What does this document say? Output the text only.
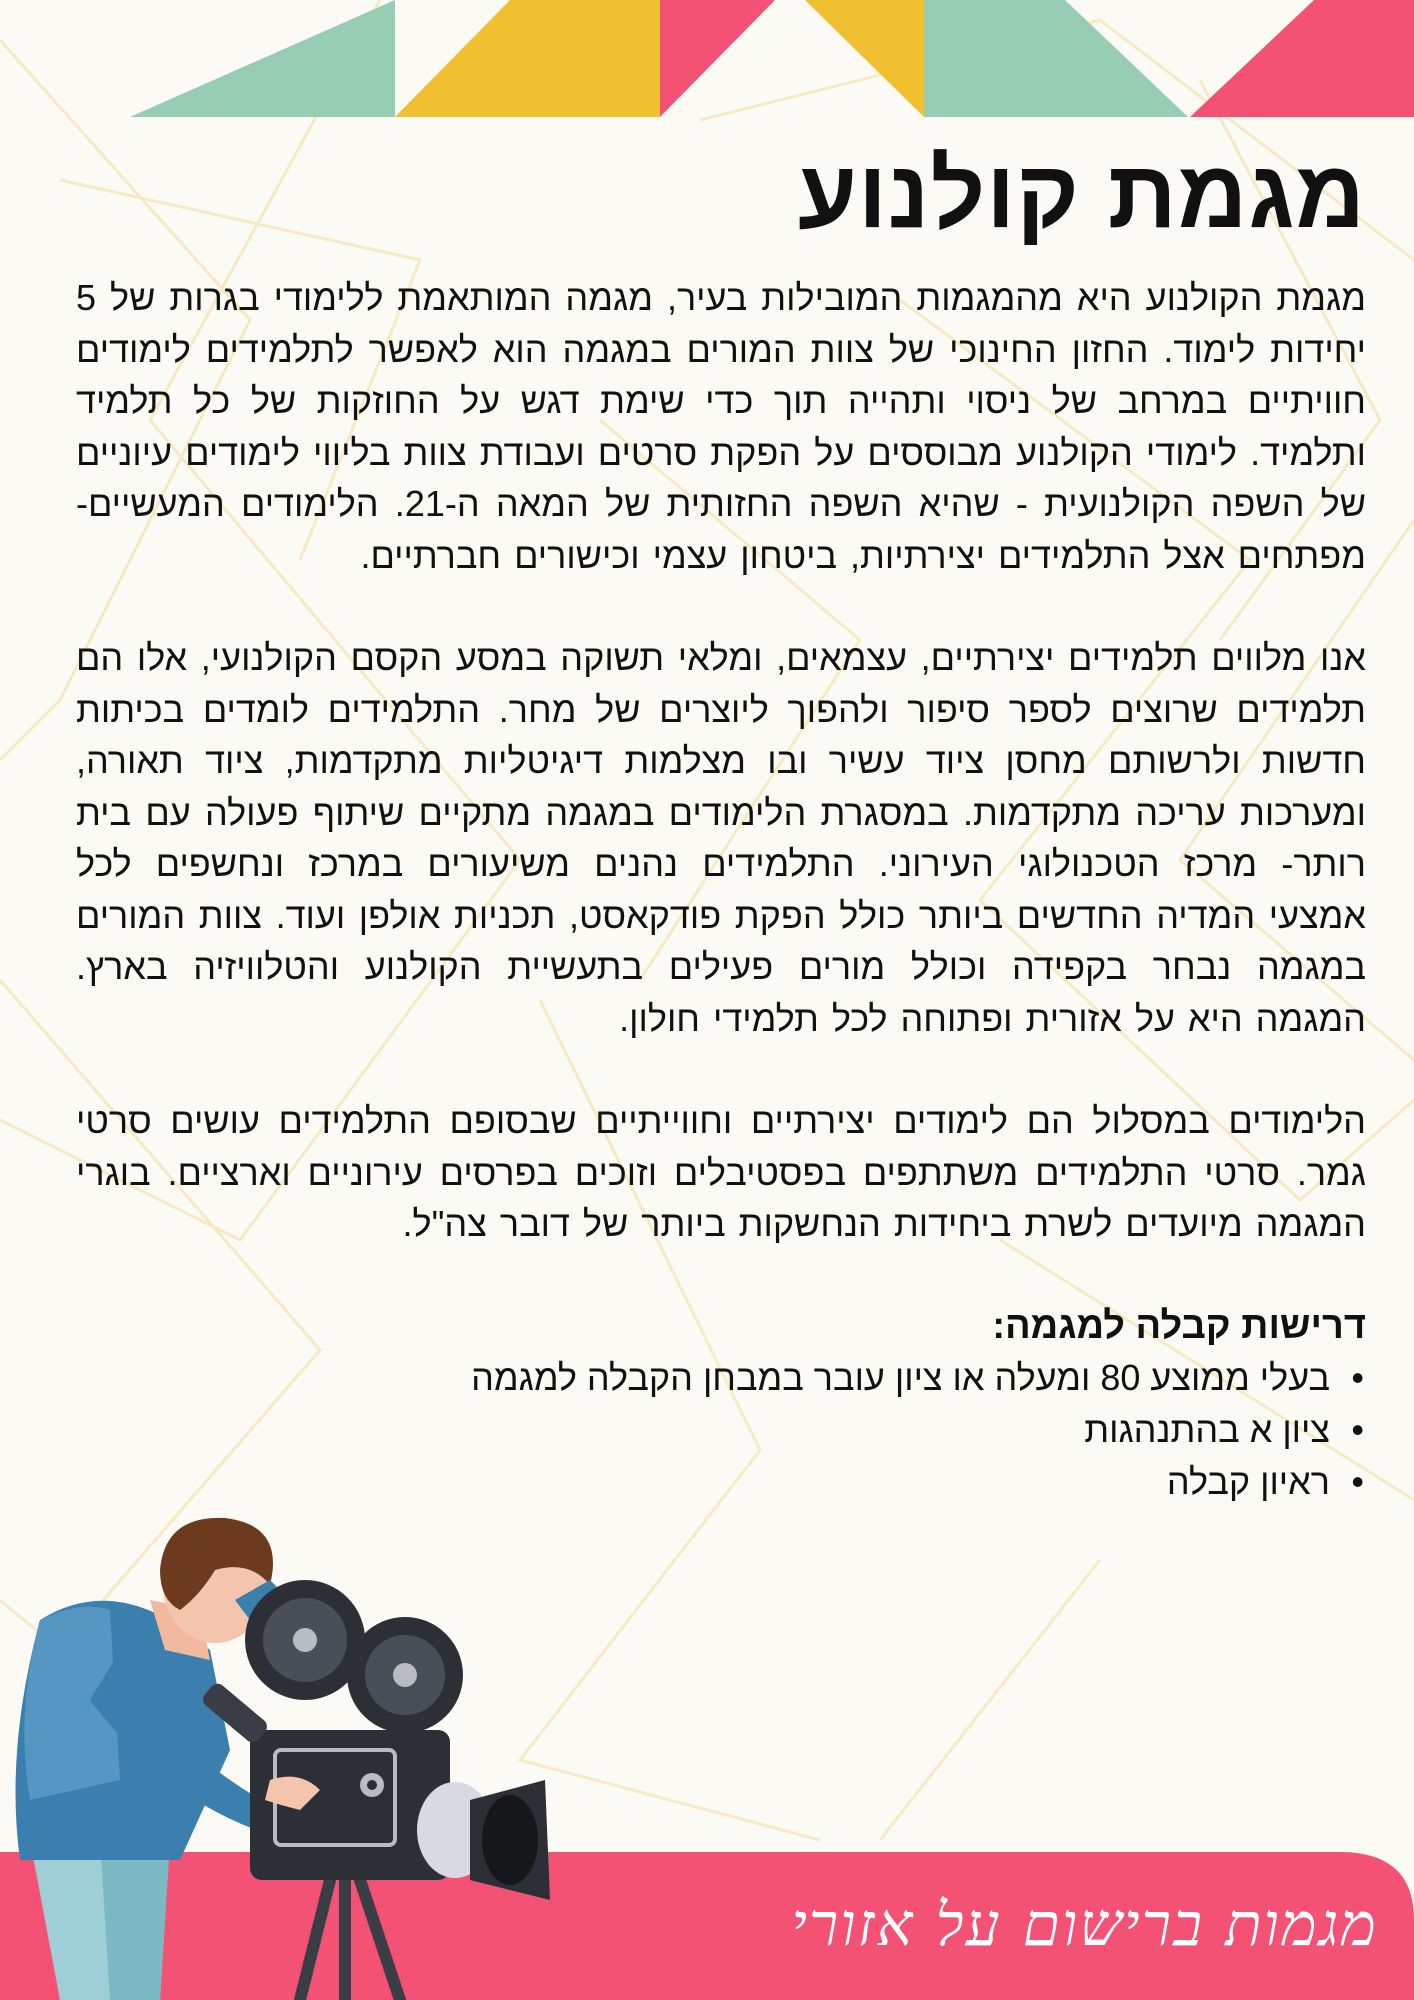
מגמת קולנוע

מגמת הקולנוע היא מהמגמות המובילות בעיר, מגמה המותאמת ללימודי בגרות של 5 יחידות לימוד. החזון החינוכי של צוות המורים במגמה הוא לאפשר לתלמידים לימודים חוויתיים במרחב של ניסוי ותהייה תוך כדי שימת דגש על החוזקות של כל תלמיד ותלמיד. לימודי הקולנוע מבוססים על הפקת סרטים ועבודת צוות בליווי לימודים עיוניים של השפה הקולנועית - שהיא השפה החזותית של המאה ה-21. הלימודים המעשיים- מפתחים אצל התלמידים יצירתיות, ביטחון עצמי וכישורים חברתיים.

אנו מלווים תלמידים יצירתיים, עצמאים, ומלאי תשוקה במסע הקסם הקולנועי, אלו הם תלמידים שרוצים לספר סיפור ולהפוך ליוצרים של מחר. התלמידים לומדים בכיתות חדשות ולרשותם מחסן ציוד עשיר ובו מצלמות דיגיטליות מתקדמות, ציוד תאורה, ומערכות עריכה מתקדמות. במסגרת הלימודים במגמה מתקיים שיתוף פעולה עם בית רותר- מרכז הטכנולוגי העירוני. התלמידים נהנים משיעורים במרכז ונחשפים לכל אמצעי המדיה החדשים ביותר כולל הפקת פודקאסט, תכניות אולפן ועוד. צוות המורים במגמה נבחר בקפידה וכולל מורים פעילים בתעשיית הקולנוע והטלוויזיה בארץ. המגמה היא על אזורית ופתוחה לכל תלמידי חולון.

הלימודים במסלול הם לימודים יצירתיים וחווייתיים שבסופם התלמידים עושים סרטי גמר. סרטי התלמידים משתתפים בפסטיבלים וזוכים בפרסים עירוניים וארציים. בוגרי המגמה מיועדים לשרת ביחידות הנחשקות ביותר של דובר צה"ל.

דרישות קבלה למגמה:

•
בעלי ממוצע 80 ומעלה או ציון עובר במבחן הקבלה למגמה
•
ציון א בהתנהגות
•
ראיון קבלה
מגמות ברישום על אזורי
